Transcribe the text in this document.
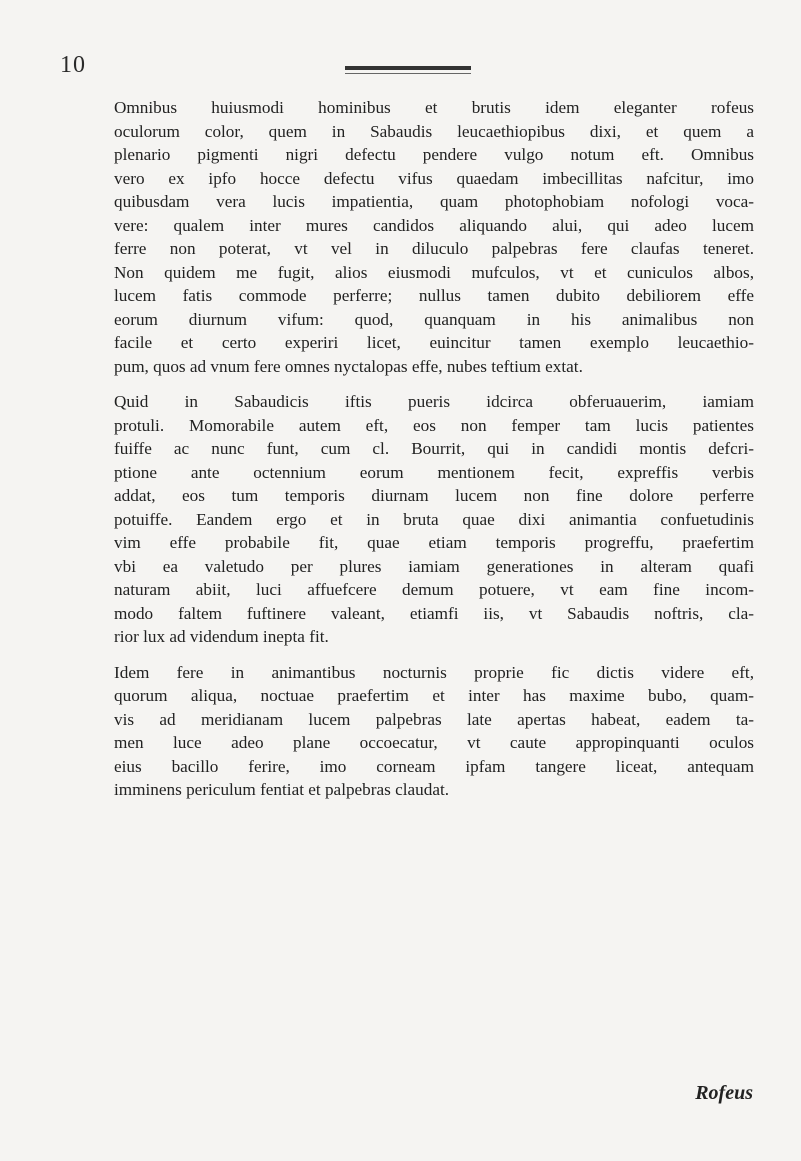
10

Omnibus huiusmodi hominibus et brutis idem eleganter rofeus
oculorum color, quem in Sabaudis leucaethiopibus dixi, et quem a
plenario pigmenti nigri defectu pendere vulgo notum eft. Omnibus
vero ex ipfo hocce defectu vifus quaedam imbecillitas nafcitur, imo
quibusdam vera lucis impatientia, quam photophobiam nofologi voca-
vere: qualem inter mures candidos aliquando alui, qui adeo lucem
ferre non poterat, vt vel in diluculo palpebras fere claufas teneret.
Non quidem me fugit, alios eiusmodi mufculos, vt et cuniculos albos,
lucem fatis commode perferre; nullus tamen dubito debiliorem effe
eorum diurnum vifum: quod, quanquam in his animalibus non
facile et certo experiri licet, euincitur tamen exemplo leucaethio-
pum, quos ad vnum fere omnes nyctalopas effe, nubes teftium extat.

Quid in Sabaudicis iftis pueris idcirca obferuauerim, iamiam
protuli. Momorabile autem eft, eos non femper tam lucis patientes
fuiffe ac nunc funt, cum cl. Bourrit, qui in candidi montis defcri-
ptione ante octennium eorum mentionem fecit, expreffis verbis
addat, eos tum temporis diurnam lucem non fine dolore perferre
potuiffe. Eandem ergo et in bruta quae dixi animantia confuetudinis
vim effe probabile fit, quae etiam temporis progreffu, praefertim
vbi ea valetudo per plures iamiam generationes in alteram quafi
naturam abiit, luci affuefcere demum potuere, vt eam fine incom-
modo faltem fuftinere valeant, etiamfi iis, vt Sabaudis noftris, cla-
rior lux ad videndum inepta fit.

Idem fere in animantibus nocturnis proprie fic dictis videre eft,
quorum aliqua, noctuae praefertim et inter has maxime bubo, quam-
vis ad meridianam lucem palpebras late apertas habeat, eadem ta-
men luce adeo plane occoecatur, vt caute appropinquanti oculos
eius bacillo ferire, imo corneam ipfam tangere liceat, antequam
imminens periculum fentiat et palpebras claudat.

Rofeus
